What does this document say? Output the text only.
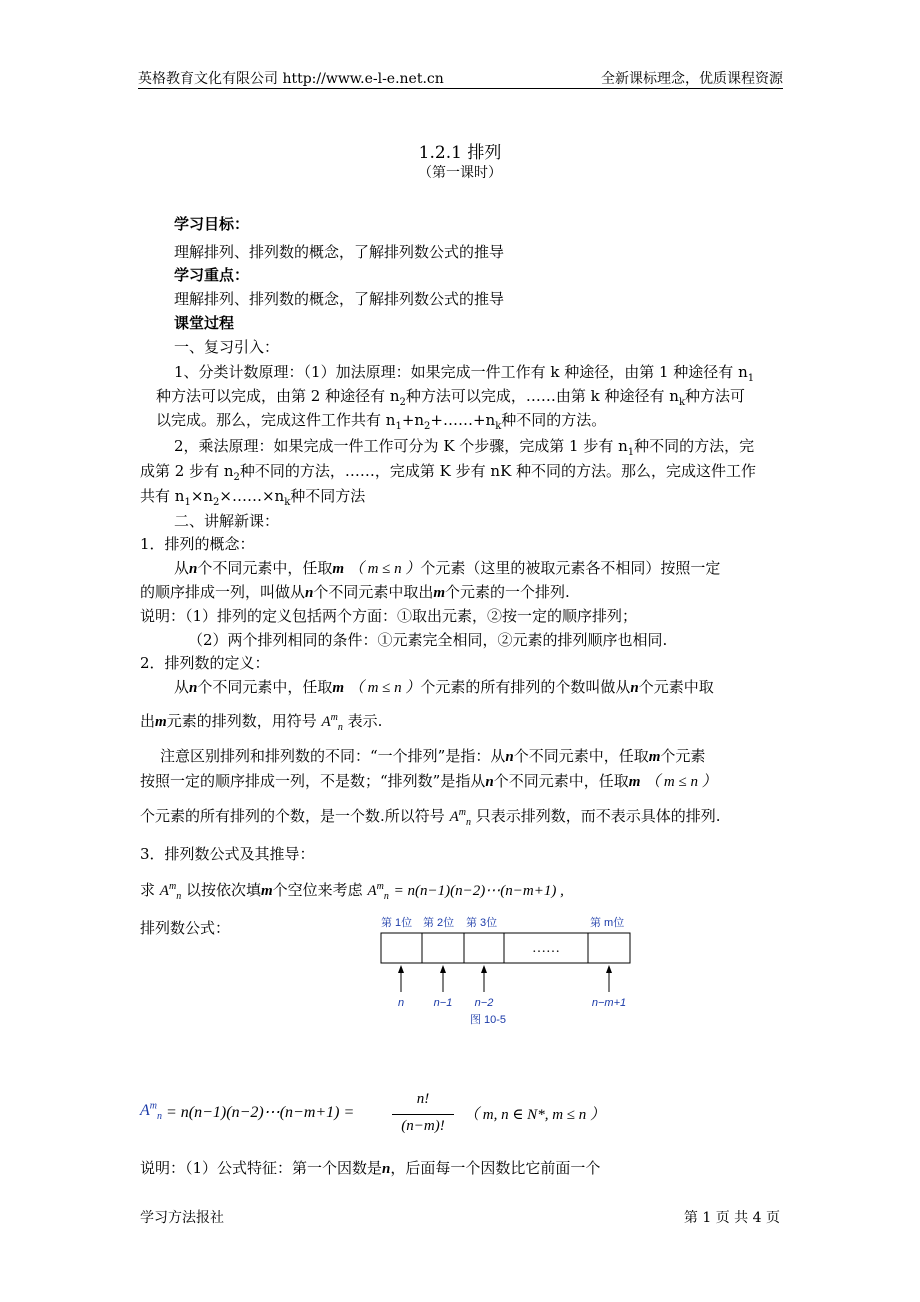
英格教育文化有限公司 http://www.e-l-e.net.cn	全新课标理念，优质课程资源
1.2.1 排列
（第一课时）
学习目标：
理解排列、排列数的概念，了解排列数公式的推导
学习重点：
理解排列、排列数的概念，了解排列数公式的推导
课堂过程
一、复习引入：
1、分类计数原理：（1）加法原理：如果完成一件工作有 k 种途径，由第 1 种途径有 $n_1$
种方法可以完成，由第 2 种途径有 $n_2$种方法可以完成，……由第 k 种途径有 $n_k$种方法可
以完成。那么，完成这件工作共有 $n_1+n_2+\dots\dots+n_k$种不同的方法。
2，乘法原理：如果完成一件工作可分为 K 个步骤，完成第 1 步有 $n_1$种不同的方法，完
成第 2 步有 $n_2$种不同的方法，……，完成第 K 步有 nK 种不同的方法。那么，完成这件工作
共有 $n_1\times n_2\times\dots\dots\times n_k$种不同方法
二、讲解新课：
1．排列的概念：
从n个不同元素中，任取m （ m ≤ n ）个元素（这里的被取元素各不相同）按照一定
的顺序排成一列，叫做从n个不同元素中取出m个元素的一个排列.
说明：（1）排列的定义包括两个方面：①取出元素，②按一定的顺序排列；
（2）两个排列相同的条件：①元素完全相同，②元素的排列顺序也相同.
2．排列数的定义：
从n个不同元素中，任取m （ m ≤ n ）个元素的所有排列的个数叫做从n个元素中取
出m元素的排列数，用符号 $A^m_n$ 表示.
注意区别排列和排列数的不同：“一个排列”是指：从n个不同元素中，任取m个元素
按照一定的顺序排成一列，不是数；“排列数”是指从n个不同元素中，任取m （ m ≤ n ）
个元素的所有排列的个数，是一个数.所以符号 $A^m_n$ 只表示排列数，而不表示具体的排列.
3．排列数公式及其推导：
求 $A^m_n$ 以按依次填m个空位来考虑 $A^m_n$ = n(n−1)(n−2)⋯(n−m+1) ,
排列数公式：	第 1位 第 2位 第 3位	第 m位
……
n	n−1 n−2	n−m+1
图 10-5
$A^m_n$ = n(n−1)(n−2)⋯(n−m+1) =
n!
(n−m)!
（ m, n ∈ N*, m ≤ n ）
说明：（1）公式特征：第一个因数是n，后面每一个因数比它前面一个
学习方法报社	第 1 页 共 4 页
